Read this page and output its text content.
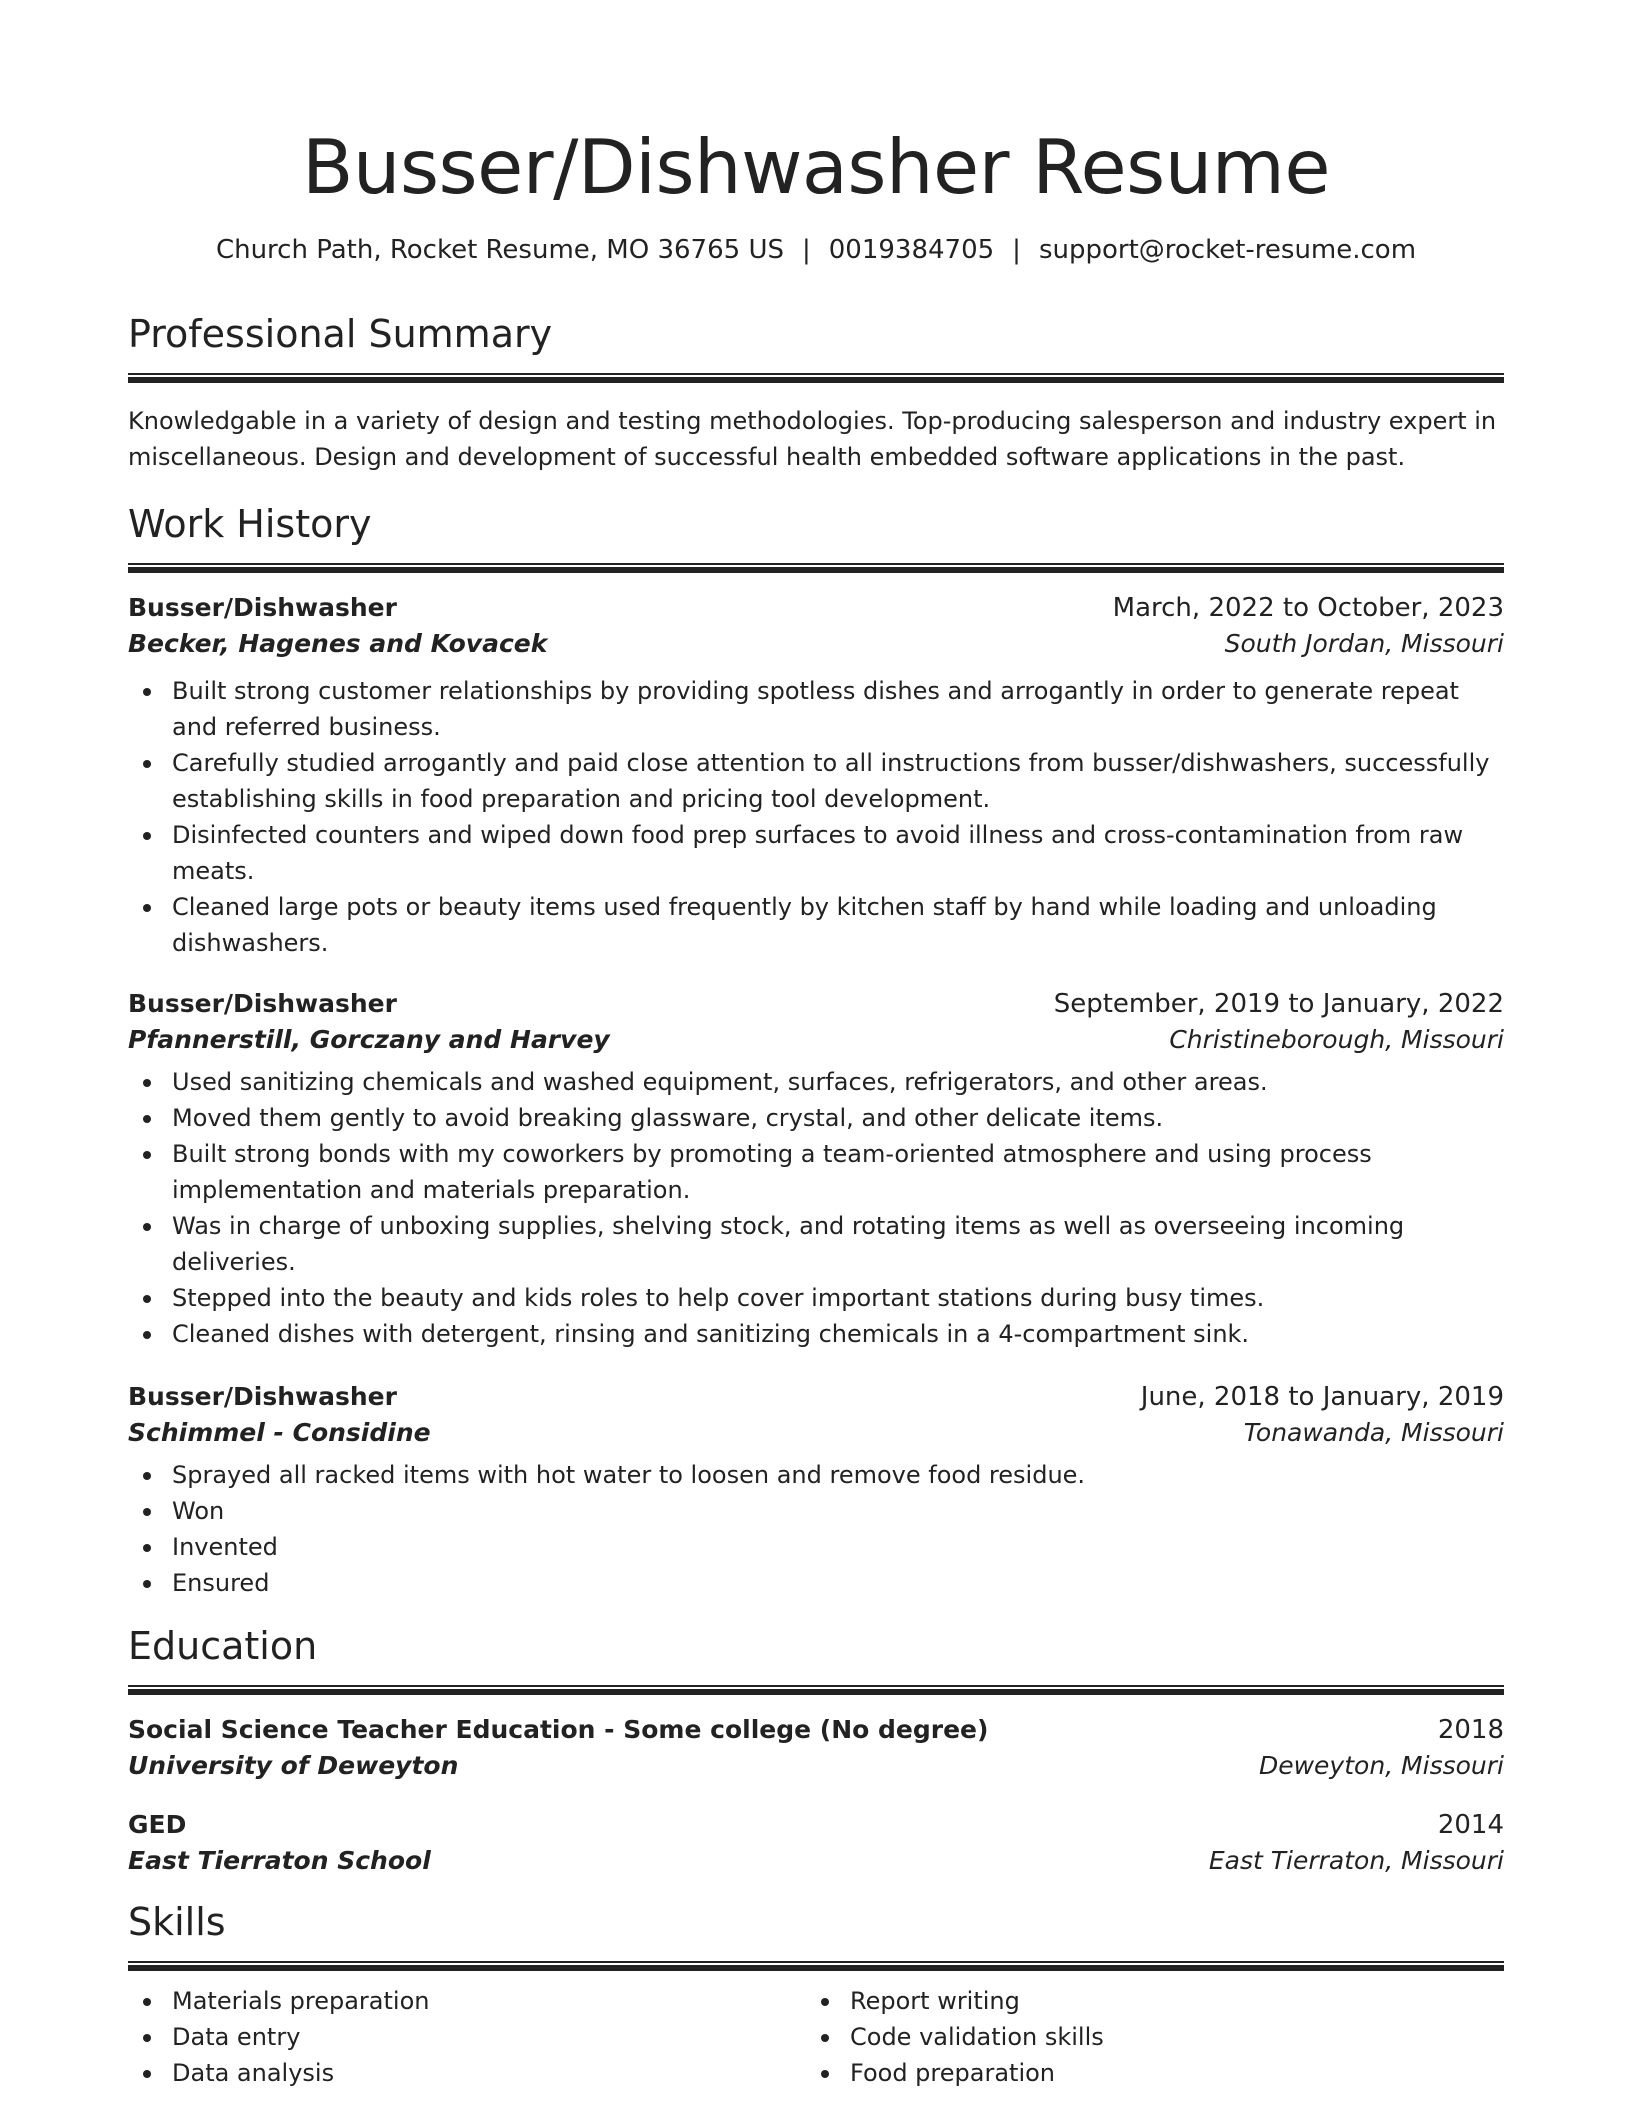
Busser/Dishwasher Resume
Church Path, Rocket Resume, MO 36765 US | 0019384705 | support@rocket-resume.com
Professional Summary

Knowledgable in a variety of design and testing methodologies. Top-producing salesperson and industry expert in miscellaneous. Design and development of successful health embedded software applications in the past.

Work History
Busser/Dishwasher	March, 2022 to October, 2023
Becker, Hagenes and Kovacek	South Jordan, Missouri
Built strong customer relationships by providing spotless dishes and arrogantly in order to generate repeat and referred business.
Carefully studied arrogantly and paid close attention to all instructions from busser/dishwashers, successfully establishing skills in food preparation and pricing tool development.
Disinfected counters and wiped down food prep surfaces to avoid illness and cross-contamination from raw meats.
Cleaned large pots or beauty items used frequently by kitchen staff by hand while loading and unloading dishwashers.
Busser/Dishwasher	September, 2019 to January, 2022
Pfannerstill, Gorczany and Harvey	Christineborough, Missouri
Used sanitizing chemicals and washed equipment, surfaces, refrigerators, and other areas.
Moved them gently to avoid breaking glassware, crystal, and other delicate items.
Built strong bonds with my coworkers by promoting a team-oriented atmosphere and using process implementation and materials preparation.
Was in charge of unboxing supplies, shelving stock, and rotating items as well as overseeing incoming deliveries.
Stepped into the beauty and kids roles to help cover important stations during busy times.
Cleaned dishes with detergent, rinsing and sanitizing chemicals in a 4-compartment sink.
Busser/Dishwasher	June, 2018 to January, 2019
Schimmel - Considine	Tonawanda, Missouri
Sprayed all racked items with hot water to loosen and remove food residue.
Won
Invented
Ensured
Education
Social Science Teacher Education - Some college (No degree)	2018
University of Deweyton	Deweyton, Missouri
GED	2014
East Tierraton School	East Tierraton, Missouri
Skills
Materials preparation
Data entry
Data analysis
Report writing
Code validation skills
Food preparation
